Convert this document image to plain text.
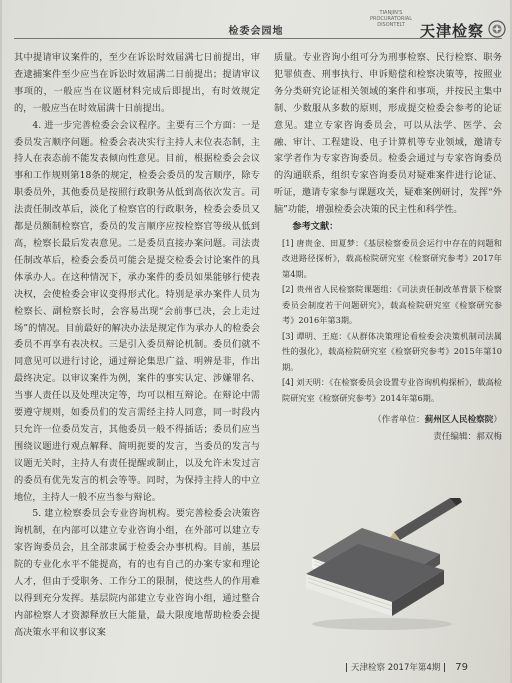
检委会园地
TIANJIN'S PROCURATORIAL DISONTELT	天津检察

其中提请审议案件的，至少在诉讼时效届满七日前提出，审查逮捕案件至少应当在诉讼时效届满二日前提出；提请审议事项的，一般应当在议题材料完成后即提出，有时效规定的，一般应当在时效届满十日前提出。

4. 进一步完善检委会会议程序。主要有三个方面：一是委员发言顺序问题。检委会表决实行主持人末位表态制，主持人在表态前不能发表倾向性意见。目前，根据检委会会议事和工作规则第18条的规定，检委会委员的发言顺序，除专职委员外，其他委员是按照行政职务从低到高依次发言。司法责任制改革后，淡化了检察官的行政职务，检委会委员又都是员额制检察官，委员的发言顺序应按检察官等级从低到高，检察长最后发表意见。二是委员直接办案问题。司法责任制改革后，检委会委员可能会是提交检委会讨论案件的具体承办人。在这种情况下，承办案件的委员如果能够行使表决权，会使检委会审议变得形式化。特别是承办案件人员为检察长、副检察长时，会容易出现“会前事已决，会上走过场”的情况。目前最好的解决办法是规定作为承办人的检委会委员不再享有表决权。三是引入委员辩论机制。委员们就不同意见可以进行讨论，通过辩论集思广益、明辨是非，作出最终决定。以审议案件为例，案件的事实认定、涉嫌罪名、当事人责任以及处理决定等，均可以相互辩论。在辩论中需要遵守规则，如委员们的发言需经主持人同意，同一时段内只允许一位委员发言，其他委员一般不得插话；委员们应当围绕议题进行观点解释、简明扼要的发言，当委员的发言与议题无关时，主持人有责任提醒或制止，以及允许未发过言的委员有优先发言的机会等等。同时，为保持主持人的中立地位，主持人一般不应当参与辩论。

5. 建立检察委员会专业咨询机构。要完善检委会决策咨询机制，在内部可以建立专业咨询小组，在外部可以建立专家咨询委员会，且全部隶属于检委会办事机构。目前，基层院的专业化水平不能提高，有的也有自己的办案专家和理论人才，但由于受职务、工作分工的限制，使这些人的作用难以得到充分发挥。基层院内部建立专业咨询小组，通过整合内部检察人才资源释放巨大能量，最大限度地帮助检委会提高决策水平和议事议案

质量。专业咨询小组可分为刑事检察、民行检察、职务犯罪侦查、刑事执行、申诉赔偿和检察决策等，按照业务分类研究论证相关领域的案件和事项，并按民主集中制、少数服从多数的原则，形成提交检委会参考的论证意见。建立专家咨询委员会，可以从法学、医学、会融、审计、工程建设、电子计算机等专业领域，邀请专家学者作为专家咨询委员。检委会通过与专家咨询委员的沟通联系，组织专家咨询委员对疑难案件进行论证、听证，邀请专家参与课题攻关，疑难案例研讨，发挥“外脑”功能，增强检委会决策的民主性和科学性。

参考文献：

[1] 唐贵金、田夏梦：《基层检察委员会运行中存在的问题和改进路径探析》，载高检院研究室《检察研究参考》2017年第4期。

[2] 贵州省人民检察院课题组：《司法责任制改革背景下检察委员会制度若干问题研究》，载高检院研究室《检察研究参考》2016年第3期。

[3] 谭明、王庭：《从群体决策理论看检委会决策机制司法属性的强化》，载高检院研究室《检察研究参考》2015年第10期。

[4] 刘天明：《在检察委员会设置专业咨询机构探析》，载高检院研究室《检察研究参考》2014年第6期。

（作者单位：蓟州区人民检察院）
责任编辑：郝双梅
天津检察 2017年第4期 79
